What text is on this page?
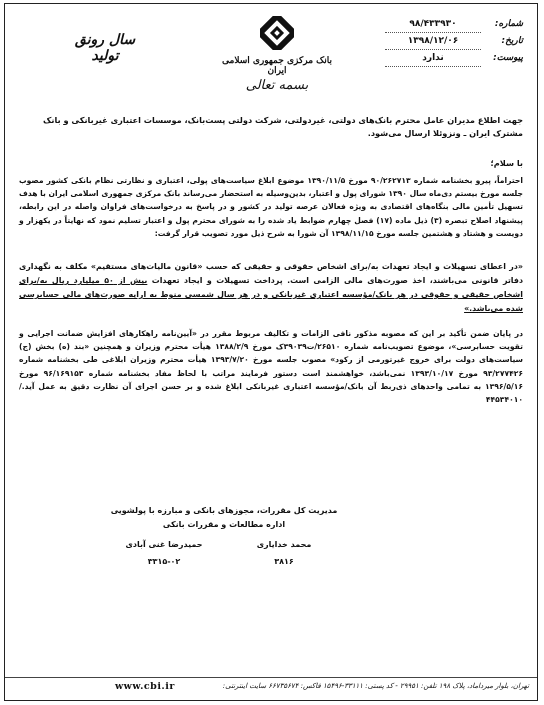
شماره:
۹۸/۴۳۳۹۳۰
تاریخ:
۱۳۹۸/۱۲/۰۶
پیوست:
ندارد
بانک مرکزی جمهوری اسلامی ایران
بسمه تعالی
سال رونق
تولید
جهت اطلاع مدیران عامل محترم بانک‌های دولتی، غیردولتی، شرکت دولتی پست‌بانک، موسسات اعتباری غیربانکی و بانک مشترک ایران ـ ونزوئلا ارسال می‌شود.
با سلام؛
احتراماً، پیرو بخشنامه شماره ۹۰/۲۶۲۷۱۳ مورخ ۱۳۹۰/۱۱/۵ موضوع ابلاغ سیاست‌های پولی، اعتباری و نظارتی نظام بانکی کشور مصوب جلسه مورخ بیستم دی‌ماه سال ۱۳۹۰ شورای پول و اعتبار، بدین‌وسیله به استحضار می‌رساند بانک مرکزی جمهوری اسلامی ایران با هدف تسهیل تأمین مالی بنگاه‌های اقتصادی به ویژه فعالان عرصه تولید در کشور و در پاسخ به درخواست‌های فراوان واصله در این رابطه، پیشنهاد اصلاح تبصره (۳) ذیل ماده (۱۷) فصل چهارم ضوابط یاد شده را به شورای محترم پول و اعتبار تسلیم نمود که نهایتاً در یکهزار و دویست و هشتاد و هشتمین جلسه مورخ ۱۳۹۸/۱۱/۱۵ آن شورا به شرح ذیل مورد تصویب قرار گرفت:
«در اعطای تسهیلات و ایجاد تعهدات به/برای اشخاص حقوقی و حقیقی که حسب «قانون مالیات‌های مستقیم» مکلف به نگهداری دفاتر قانونی می‌باشند، اخذ صورت‌های مالی الزامی است. پرداخت تسهیلات و ایجاد تعهدات بیش از ۵۰ میلیارد ریال به/برای اشخاص حقیقی و حقوقی در هر بانک/مؤسسه اعتباری غیربانکی و در هر سال شمسی منوط به ارایه صورت‌های مالی حسابرسی شده می‌باشد.»
در پایان ضمن تأکید بر این که مصوبه مذکور نافی الزامات و تکالیف مربوط مقرر در «آیین‌نامه راهکارهای افزایش ضمانت اجرایی و تقویت حسابرسی»، موضوع تصویب‌نامه شماره ۲۶۵۱۰/ت۳۹۰۳۹ک مورخ ۱۳۸۸/۲/۹ هیأت محترم وزیران و همچنین «بند (ه) بخش (ج) سیاست‌های دولت برای خروج غیرتورمی از رکود» مصوب جلسه مورخ ۱۳۹۳/۷/۲۰ هیأت محترم وزیران ابلاغی طی بخشنامه شماره ۹۳/۲۷۷۴۲۶ مورخ ۱۳۹۳/۱۰/۱۷ نمی‌باشد، خواهشمند است دستور فرمایند مراتب با لحاظ مفاد بخشنامه شماره ۹۶/۱۶۹۱۵۳ مورخ ۱۳۹۶/۵/۱۶ به تمامی واحدهای ذی‌ربط آن بانک/مؤسسه اعتباری غیربانکی ابلاغ شده و بر حسن اجرای آن نظارت دقیق به عمل آید./۴۴۵۳۴۰۱۰
مدیریت کل مقررات، مجوزهای بانکی و مبارزه با پولشویی
اداره مطالعات و مقررات بانکی
محمد خدایاری
۳۸۱۶
حمیدرضا غنی آبادی
۳۳۱۵-۰۲
تهران، بلوار میرداماد، پلاک ۱۹۸ تلفن: ۲۹۹۵۱ - کد پستی: ۳۳۱۱۱-۱۵۴۹۶ فاکس: ۶۶۷۳۵۶۷۴ سایت اینترنتی:
www.cbi.ir
